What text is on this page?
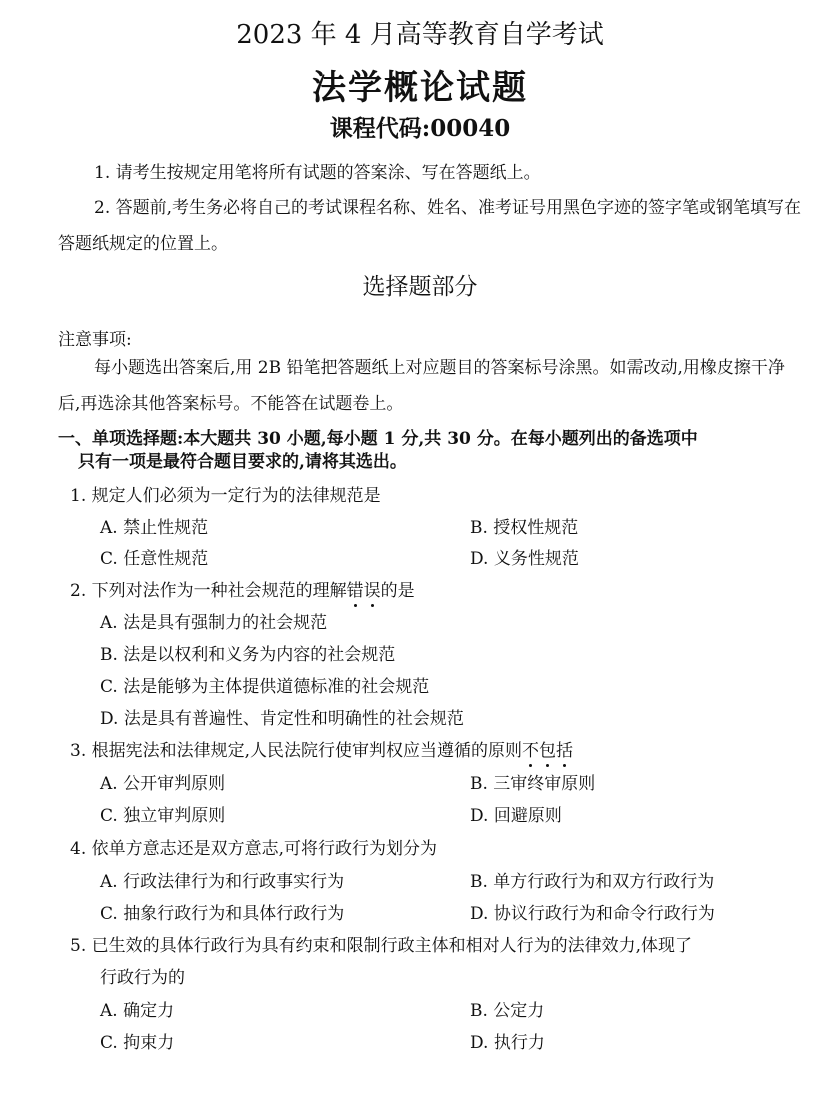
2023 年 4 月高等教育自学考试
法学概论试题
课程代码:00040
1. 请考生按规定用笔将所有试题的答案涂、写在答题纸上。
2. 答题前,考生务必将自己的考试课程名称、姓名、准考证号用黑色字迹的签字笔或钢笔填写在答题纸规定的位置上。
选择题部分
注意事项:
每小题选出答案后,用 2B 铅笔把答题纸上对应题目的答案标号涂黑。如需改动,用橡皮擦干净后,再选涂其他答案标号。不能答在试题卷上。
一、单项选择题:本大题共 30 小题,每小题 1 分,共 30 分。在每小题列出的备选项中
只有一项是最符合题目要求的,请将其选出。
1. 规定人们必须为一定行为的法律规范是
A. 禁止性规范	B. 授权性规范
C. 任意性规范	D. 义务性规范
2. 下列对法作为一种社会规范的理解错误的是
A. 法是具有强制力的社会规范
B. 法是以权利和义务为内容的社会规范
C. 法是能够为主体提供道德标准的社会规范
D. 法是具有普遍性、肯定性和明确性的社会规范
3. 根据宪法和法律规定,人民法院行使审判权应当遵循的原则不包括
A. 公开审判原则	B. 三审终审原则
C. 独立审判原则	D. 回避原则
4. 依单方意志还是双方意志,可将行政行为划分为
A. 行政法律行为和行政事实行为	B. 单方行政行为和双方行政行为
C. 抽象行政行为和具体行政行为	D. 协议行政行为和命令行政行为
5. 已生效的具体行政行为具有约束和限制行政主体和相对人行为的法律效力,体现了
行政行为的
A. 确定力	B. 公定力
C. 拘束力	D. 执行力
